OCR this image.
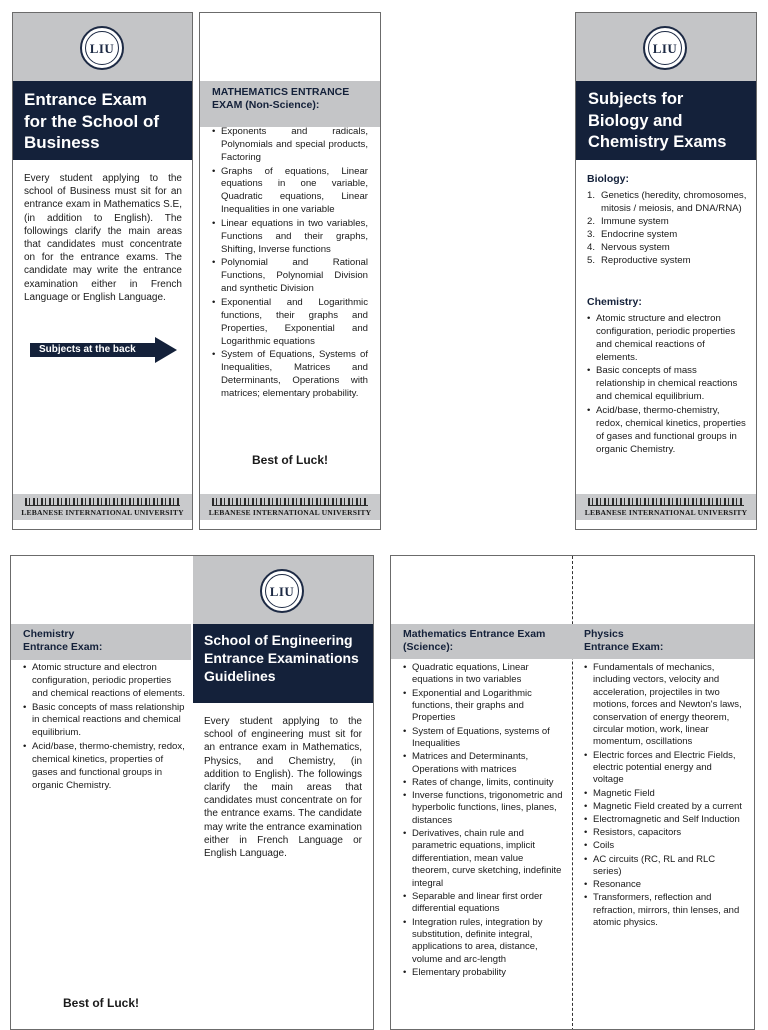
LIU
Entrance Exam
for the School of
Business
Every student applying to the school of Business must sit for an entrance exam in Mathematics S.E, (in addition to English). The followings clarify the main areas that candidates must concentrate on for the entrance exams. The candidate may write the entrance examination either in French Language or English Language.
Subjects at the back
LEBANESE INTERNATIONAL UNIVERSITY
MATHEMATICS ENTRANCE
EXAM (Non-Science):
• Exponents and radicals, Polynomials and special products, Factoring
• Graphs of equations, Linear equations in one variable, Quadratic equations, Linear Inequalities in one variable
• Linear equations in two variables, Functions and their graphs, Shifting, Inverse functions
• Polynomial and Rational Functions, Polynomial Division and synthetic Division
• Exponential and Logarithmic functions, their graphs and Properties, Exponential and Logarithmic equations
• System of Equations, Systems of Inequalities, Matrices and Determinants, Operations with matrices; elementary probability.
Best of Luck!
LEBANESE INTERNATIONAL UNIVERSITY
LIU
Subjects for
Biology and
Chemistry Exams
Biology:
1. Genetics (heredity, chromosomes, mitosis / meiosis, and DNA/RNA)
2. Immune system
3. Endocrine system
4. Nervous system
5. Reproductive system
Chemistry:
• Atomic structure and electron configuration, periodic properties and chemical reactions of elements.
• Basic concepts of mass relationship in chemical reactions and chemical equilibrium.
• Acid/base, thermo-chemistry, redox, chemical kinetics, properties of gases and functional groups in organic Chemistry.
LEBANESE INTERNATIONAL UNIVERSITY
Chemistry
Entrance Exam:
• Atomic structure and electron configuration, periodic properties and chemical reactions of elements.
• Basic concepts of mass relationship in chemical reactions and chemical equilibrium.
• Acid/base, thermo-chemistry, redox, chemical kinetics, properties of gases and functional groups in organic Chemistry.
Best of Luck!
LIU
School of Engineering
Entrance Examinations
Guidelines
Every student applying to the school of engineering must sit for an entrance exam in Mathematics, Physics, and Chemistry, (in addition to English). The followings clarify the main areas that candidates must concentrate on for the entrance exams. The candidate may write the entrance examination either in French Language or English Language.
Mathematics Entrance Exam
(Science):
Physics
Entrance Exam:
• Quadratic equations, Linear equations in two variables
• Exponential and Logarithmic functions, their graphs and Properties
• System of Equations, systems of Inequalities
• Matrices and Determinants, Operations with matrices
• Rates of change, limits, continuity
• Inverse functions, trigonometric and hyperbolic functions, lines, planes, distances
• Derivatives, chain rule and parametric equations, implicit differentiation, mean value theorem, curve sketching, indefinite integral
• Separable and linear first order differential equations
• Integration rules, integration by substitution, definite integral, applications to area, distance, volume and arc-length
• Elementary probability
• Fundamentals of mechanics, including vectors, velocity and acceleration, projectiles in two motions, forces and Newton's laws, conservation of energy theorem, circular motion, work, linear momentum, oscillations
• Electric forces and Electric Fields, electric potential energy and voltage
• Magnetic Field
• Magnetic Field created by a current
• Electromagnetic and Self Induction
• Resistors, capacitors
• Coils
• AC circuits (RC, RL and RLC series)
• Resonance
• Transformers, reflection and refraction, mirrors, thin lenses, and atomic physics.
